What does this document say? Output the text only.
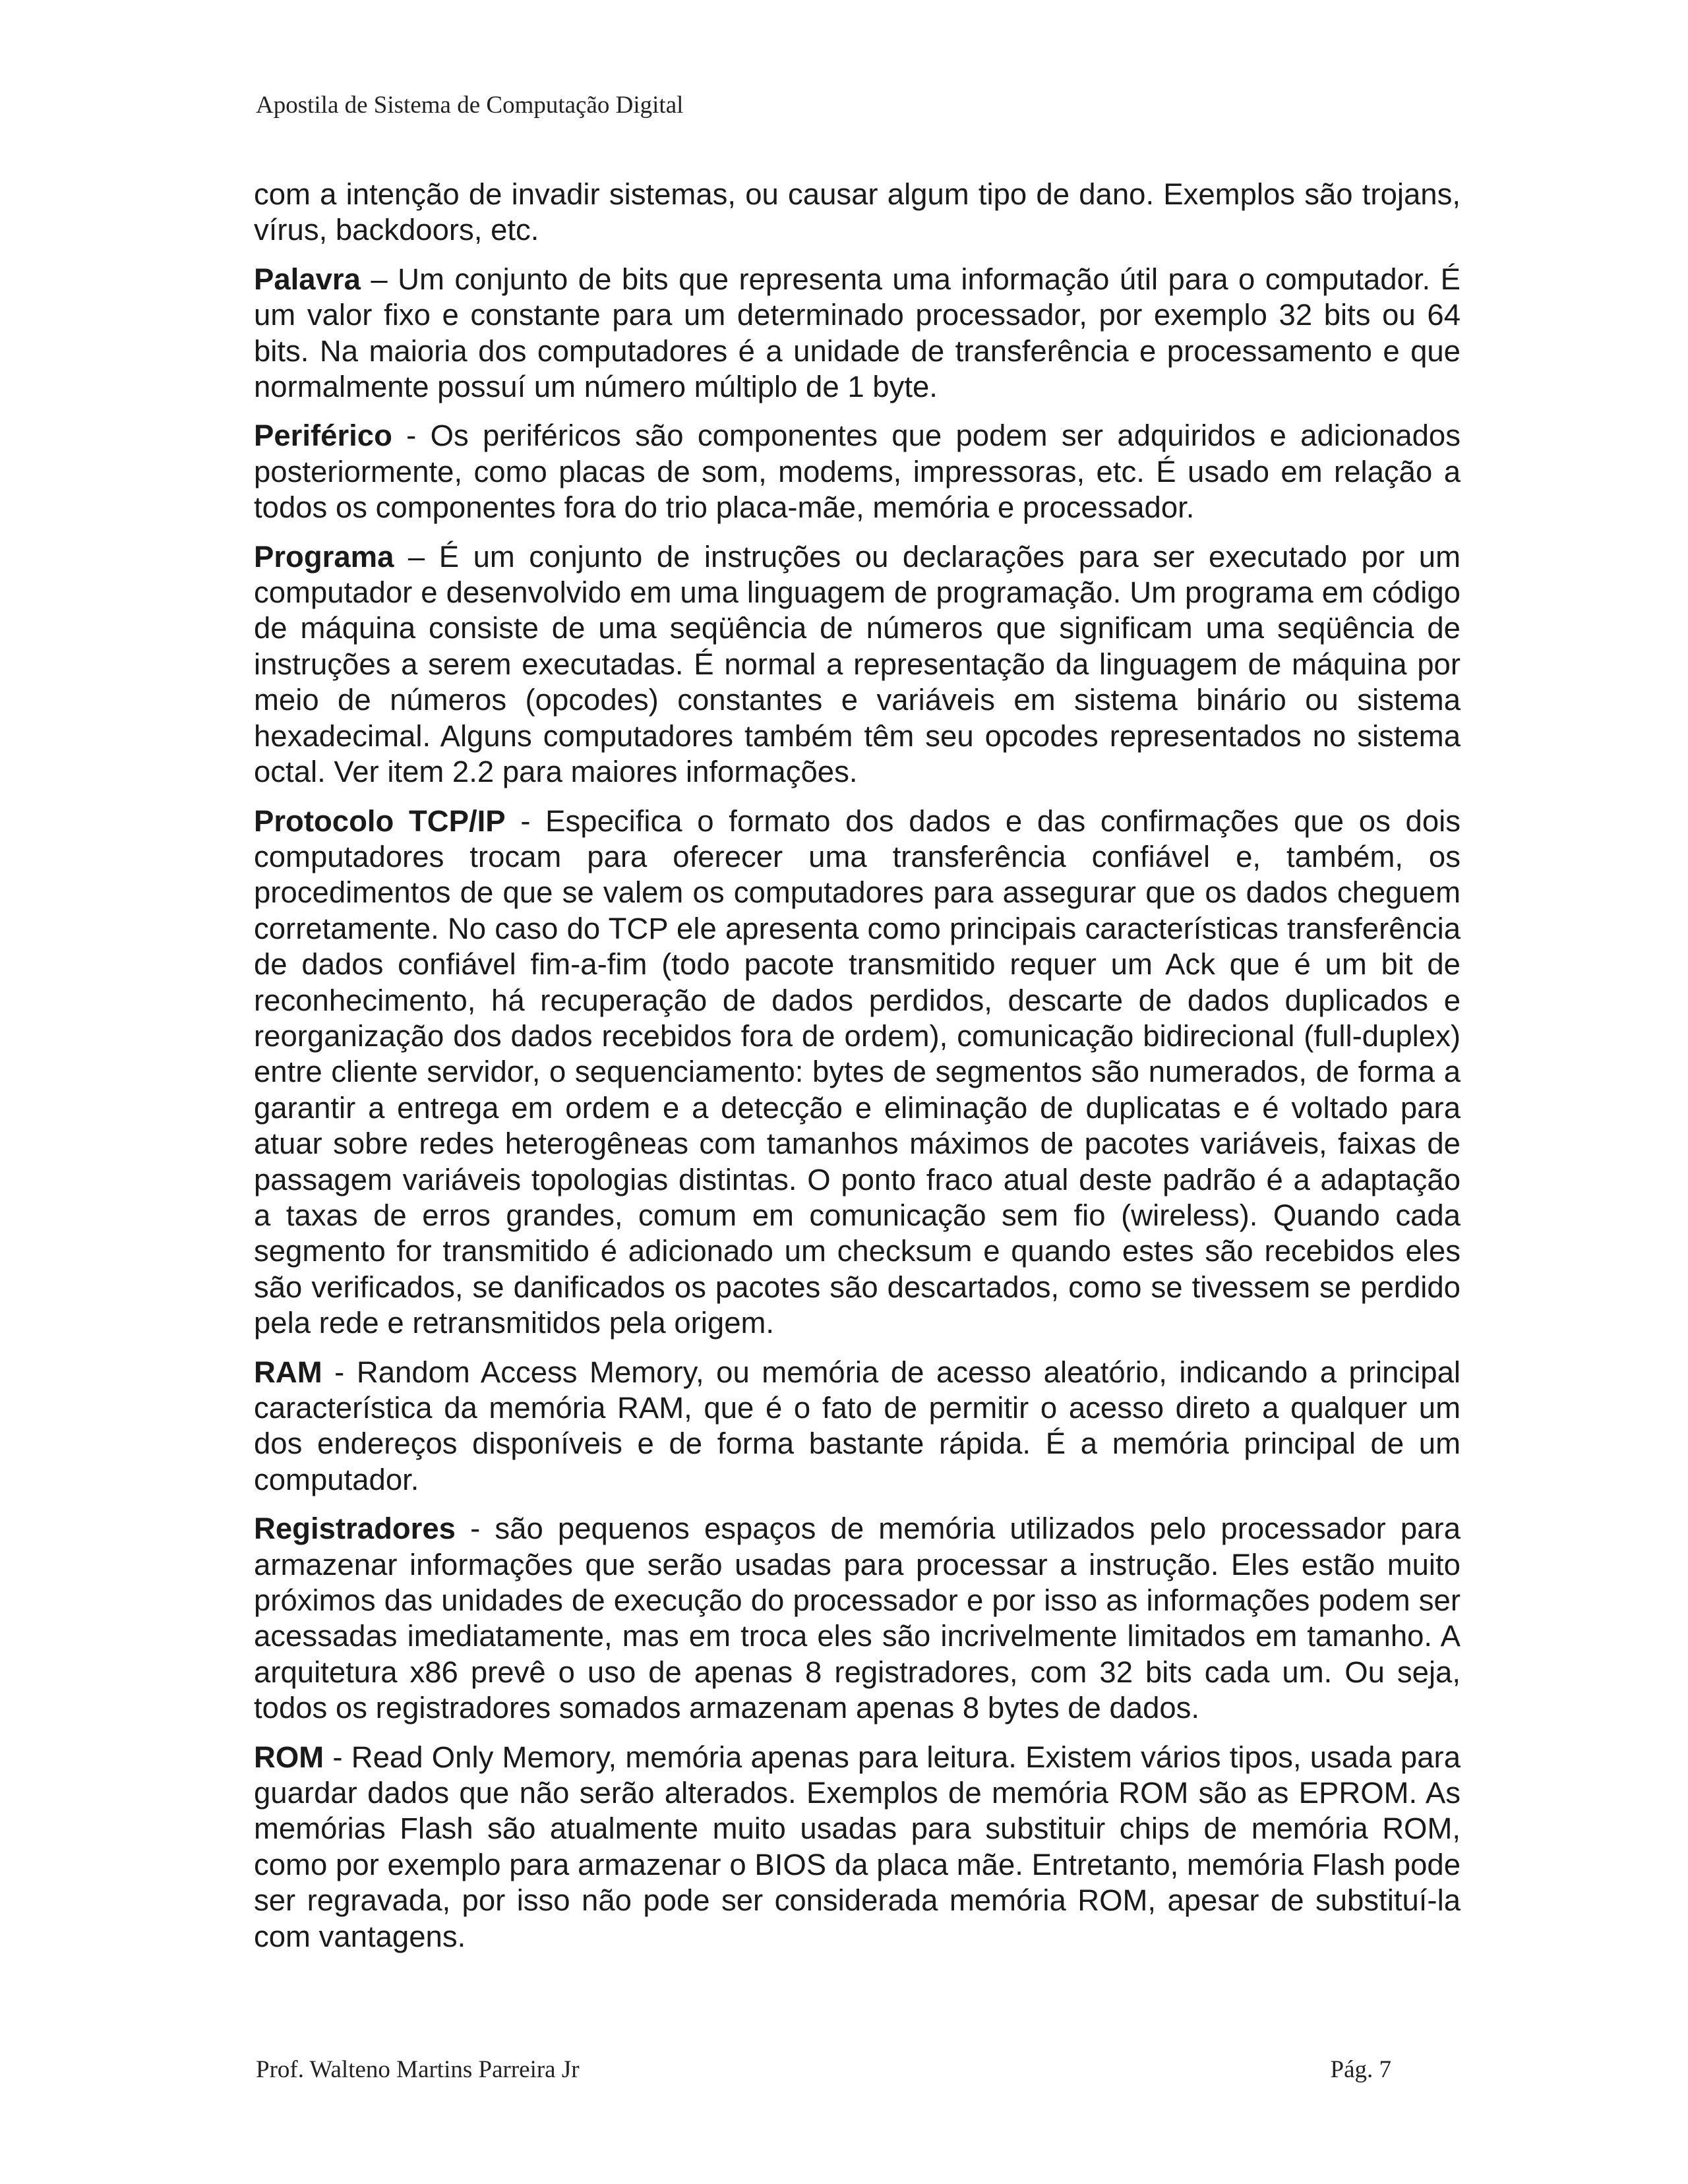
Apostila de Sistema de Computação Digital

com a intenção de invadir sistemas, ou causar algum tipo de dano. Exemplos são trojans, vírus, backdoors, etc.

Palavra – Um conjunto de bits que representa uma informação útil para o computador. É um valor fixo e constante para um determinado processador, por exemplo 32 bits ou 64 bits. Na maioria dos computadores é a unidade de transferência e processamento e que normalmente possuí um número múltiplo de 1 byte.

Periférico - Os periféricos são componentes que podem ser adquiridos e adicionados posteriormente, como placas de som, modems, impressoras, etc. É usado em relação a todos os componentes fora do trio placa-mãe, memória e processador.

Programa – É um conjunto de instruções ou declarações para ser executado por um computador e desenvolvido em uma linguagem de programação. Um programa em código de máquina consiste de uma seqüência de números que significam uma seqüência de instruções a serem executadas. É normal a representação da linguagem de máquina por meio de números (opcodes) constantes e variáveis em sistema binário ou sistema hexadecimal. Alguns computadores também têm seu opcodes representados no sistema octal. Ver item 2.2 para maiores informações.

Protocolo TCP/IP - Especifica o formato dos dados e das confirmações que os dois computadores trocam para oferecer uma transferência confiável e, também, os procedimentos de que se valem os computadores para assegurar que os dados cheguem corretamente. No caso do TCP ele apresenta como principais características transferência de dados confiável fim-a-fim (todo pacote transmitido requer um Ack que é um bit de reconhecimento, há recuperação de dados perdidos, descarte de dados duplicados e reorganização dos dados recebidos fora de ordem), comunicação bidirecional (full-duplex) entre cliente servidor, o sequenciamento: bytes de segmentos são numerados, de forma a garantir a entrega em ordem e a detecção e eliminação de duplicatas e é voltado para atuar sobre redes heterogêneas com tamanhos máximos de pacotes variáveis, faixas de passagem variáveis topologias distintas. O ponto fraco atual deste padrão é a adaptação a taxas de erros grandes, comum em comunicação sem fio (wireless). Quando cada segmento for transmitido é adicionado um checksum e quando estes são recebidos eles são verificados, se danificados os pacotes são descartados, como se tivessem se perdido pela rede e retransmitidos pela origem.

RAM - Random Access Memory, ou memória de acesso aleatório, indicando a principal característica da memória RAM, que é o fato de permitir o acesso direto a qualquer um dos endereços disponíveis e de forma bastante rápida. É a memória principal de um computador.

Registradores - são pequenos espaços de memória utilizados pelo processador para armazenar informações que serão usadas para processar a instrução. Eles estão muito próximos das unidades de execução do processador e por isso as informações podem ser acessadas imediatamente, mas em troca eles são incrivelmente limitados em tamanho. A arquitetura x86 prevê o uso de apenas 8 registradores, com 32 bits cada um. Ou seja, todos os registradores somados armazenam apenas 8 bytes de dados.

ROM - Read Only Memory, memória apenas para leitura. Existem vários tipos, usada para guardar dados que não serão alterados. Exemplos de memória ROM são as EPROM. As memórias Flash são atualmente muito usadas para substituir chips de memória ROM, como por exemplo para armazenar o BIOS da placa mãe. Entretanto, memória Flash pode ser regravada, por isso não pode ser considerada memória ROM, apesar de substituí-la com vantagens.

Prof. Walteno Martins Parreira Jr	Pág. 7
